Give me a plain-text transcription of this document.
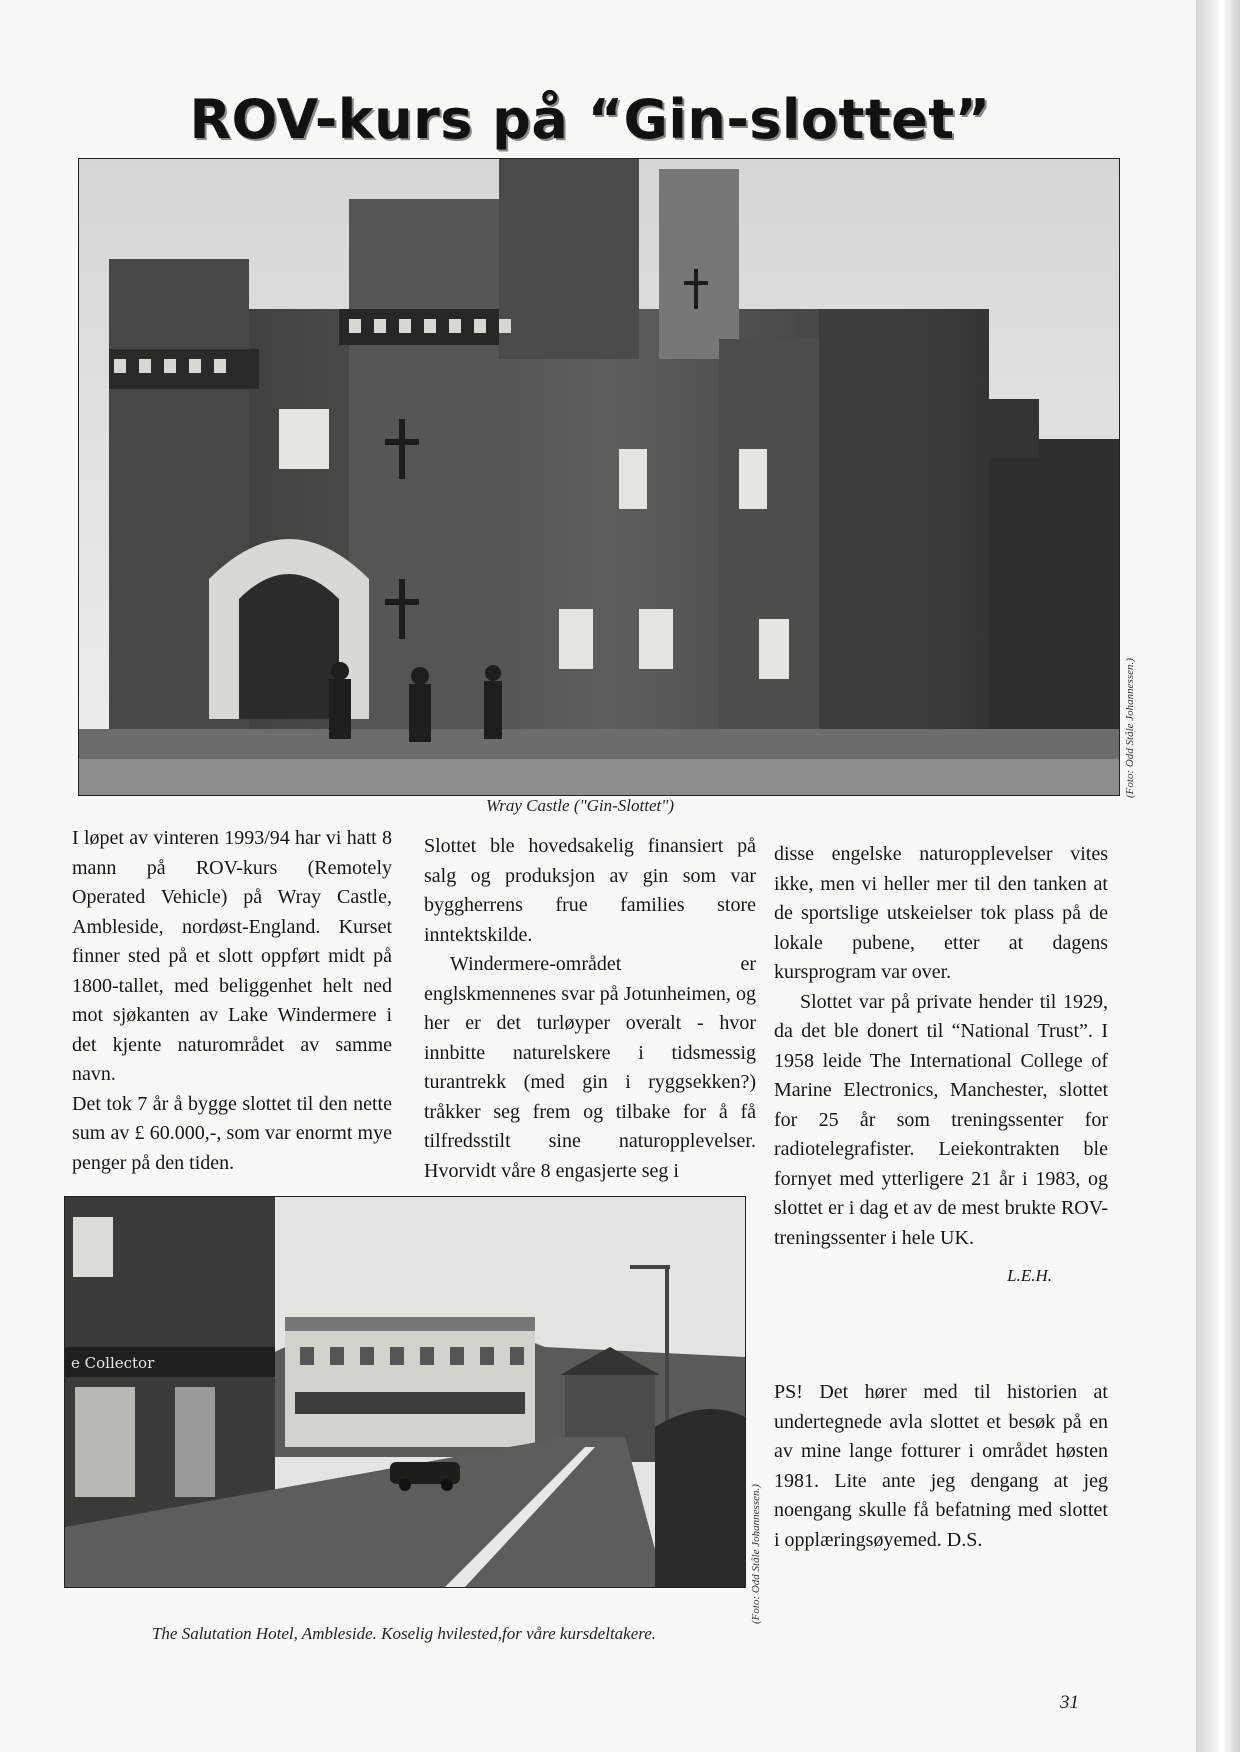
ROV-kurs på “Gin-slottet”
(Foto: Odd Ståle Johannessen.)
Wray Castle ("Gin-Slottet")

I løpet av vinteren 1993/94 har vi hatt 8 mann på ROV-kurs (Remotely Operated Vehicle) på Wray Castle, Ambleside, nordøst-England. Kurset finner sted på et slott oppført midt på 1800-tallet, med beliggenhet helt ned mot sjøkanten av Lake Windermere i det kjente naturområdet av samme navn.

Det tok 7 år å bygge slottet til den nette sum av £ 60.000,-, som var enormt mye penger på den tiden.

Slottet ble hovedsakelig finansiert på salg og produksjon av gin som var byggherrens frue families store inntektskilde.

Windermere-området er englskmennenes svar på Jotunheimen, og her er det turløyper overalt - hvor innbitte naturelskere i tidsmessig turantrekk (med gin i ryggsekken?) tråkker seg frem og tilbake for å få tilfredsstilt sine naturopplevelser. Hvorvidt våre 8 engasjerte seg i

disse engelske naturopplevelser vites ikke, men vi heller mer til den tanken at de sportslige utskeielser tok plass på de lokale pubene, etter at dagens kursprogram var over.

Slottet var på private hender til 1929, da det ble donert til “National Trust”. I 1958 leide The International College of Marine Electronics, Manchester, slottet for 25 år som treningssenter for radiotelegrafister. Leiekontrakten ble fornyet med ytterligere 21 år i 1983, og slottet er i dag et av de mest brukte ROV-treningssenter i hele UK.

L.E.H.

PS! Det hører med til historien at undertegnede avla slottet et besøk på en av mine lange fotturer i området høsten 1981. Lite ante jeg dengang at jeg noengang skulle få befatning med slottet i opplæringsøyemed. D.S.

e Collector
(Foto: Odd Ståle Johannessen.)
The Salutation Hotel, Ambleside. Koselig hvilested,for våre kursdeltakere.
31
